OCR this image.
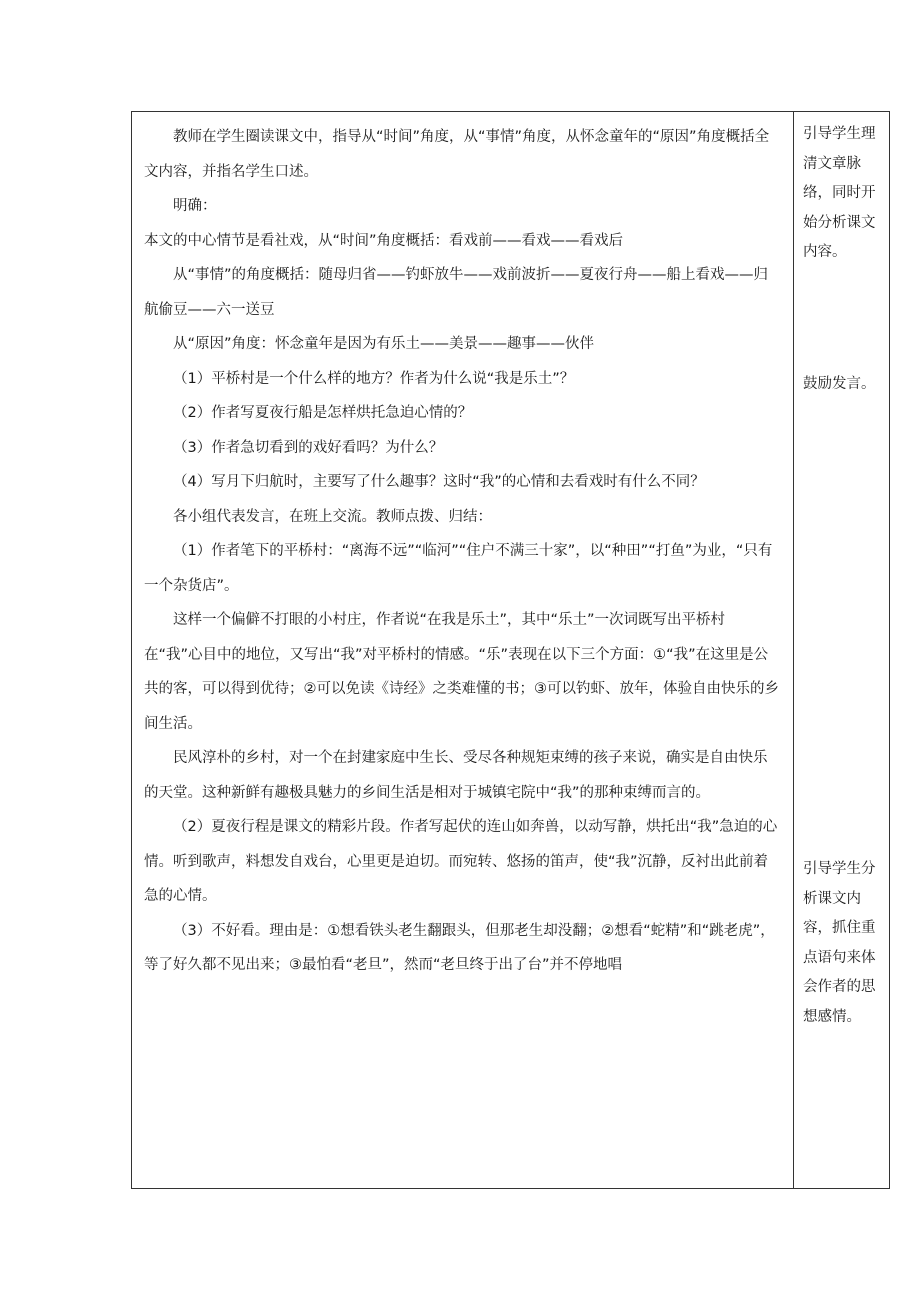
教师在学生圈读课文中，指导从“时间”角度，从“事情”角度，从怀念童年的“原因”角度概括全文内容，并指名学生口述。

明确：

本文的中心情节是看社戏，从“时间”角度概括：看戏前——看戏——看戏后

从“事情”的角度概括：随母归省——钓虾放牛——戏前波折——夏夜行舟——船上看戏——归航偷豆——六一送豆

从“原因”角度：怀念童年是因为有乐土——美景——趣事——伙伴

（1）平桥村是一个什么样的地方？作者为什么说“我是乐土”？

（2）作者写夏夜行船是怎样烘托急迫心情的？

（3）作者急切看到的戏好看吗？为什么？

（4）写月下归航时，主要写了什么趣事？这时“我”的心情和去看戏时有什么不同？

各小组代表发言，在班上交流。教师点拨、归结：

（1）作者笔下的平桥村：“离海不远”“临河”“住户不满三十家”，以“种田”“打鱼”为业，“只有一个杂货店”。

这样一个偏僻不打眼的小村庄，作者说“在我是乐土”，其中“乐土”一次词既写出平桥村在“我”心目中的地位，又写出“我”对平桥村的情感。“乐”表现在以下三个方面：①“我”在这里是公共的客，可以得到优待；②可以免读《诗经》之类难懂的书；③可以钓虾、放年，体验自由快乐的乡间生活。

民风淳朴的乡村，对一个在封建家庭中生长、受尽各种规矩束缚的孩子来说，确实是自由快乐的天堂。这种新鲜有趣极具魅力的乡间生活是相对于城镇宅院中“我”的那种束缚而言的。

（2）夏夜行程是课文的精彩片段。作者写起伏的连山如奔兽，以动写静，烘托出“我”急迫的心情。听到歌声，料想发自戏台，心里更是迫切。而宛转、悠扬的笛声，使“我”沉静，反衬出此前着急的心情。

（3）不好看。理由是：①想看铁头老生翻跟头，但那老生却没翻；②想看“蛇精”和“跳老虎”，等了好久都不见出来；③最怕看“老旦”，然而“老旦终于出了台”并不停地唱

引导学生理清文章脉络，同时开始分析课文内容。
鼓励发言。
引导学生分析课文内容，抓住重点语句来体会作者的思想感情。
